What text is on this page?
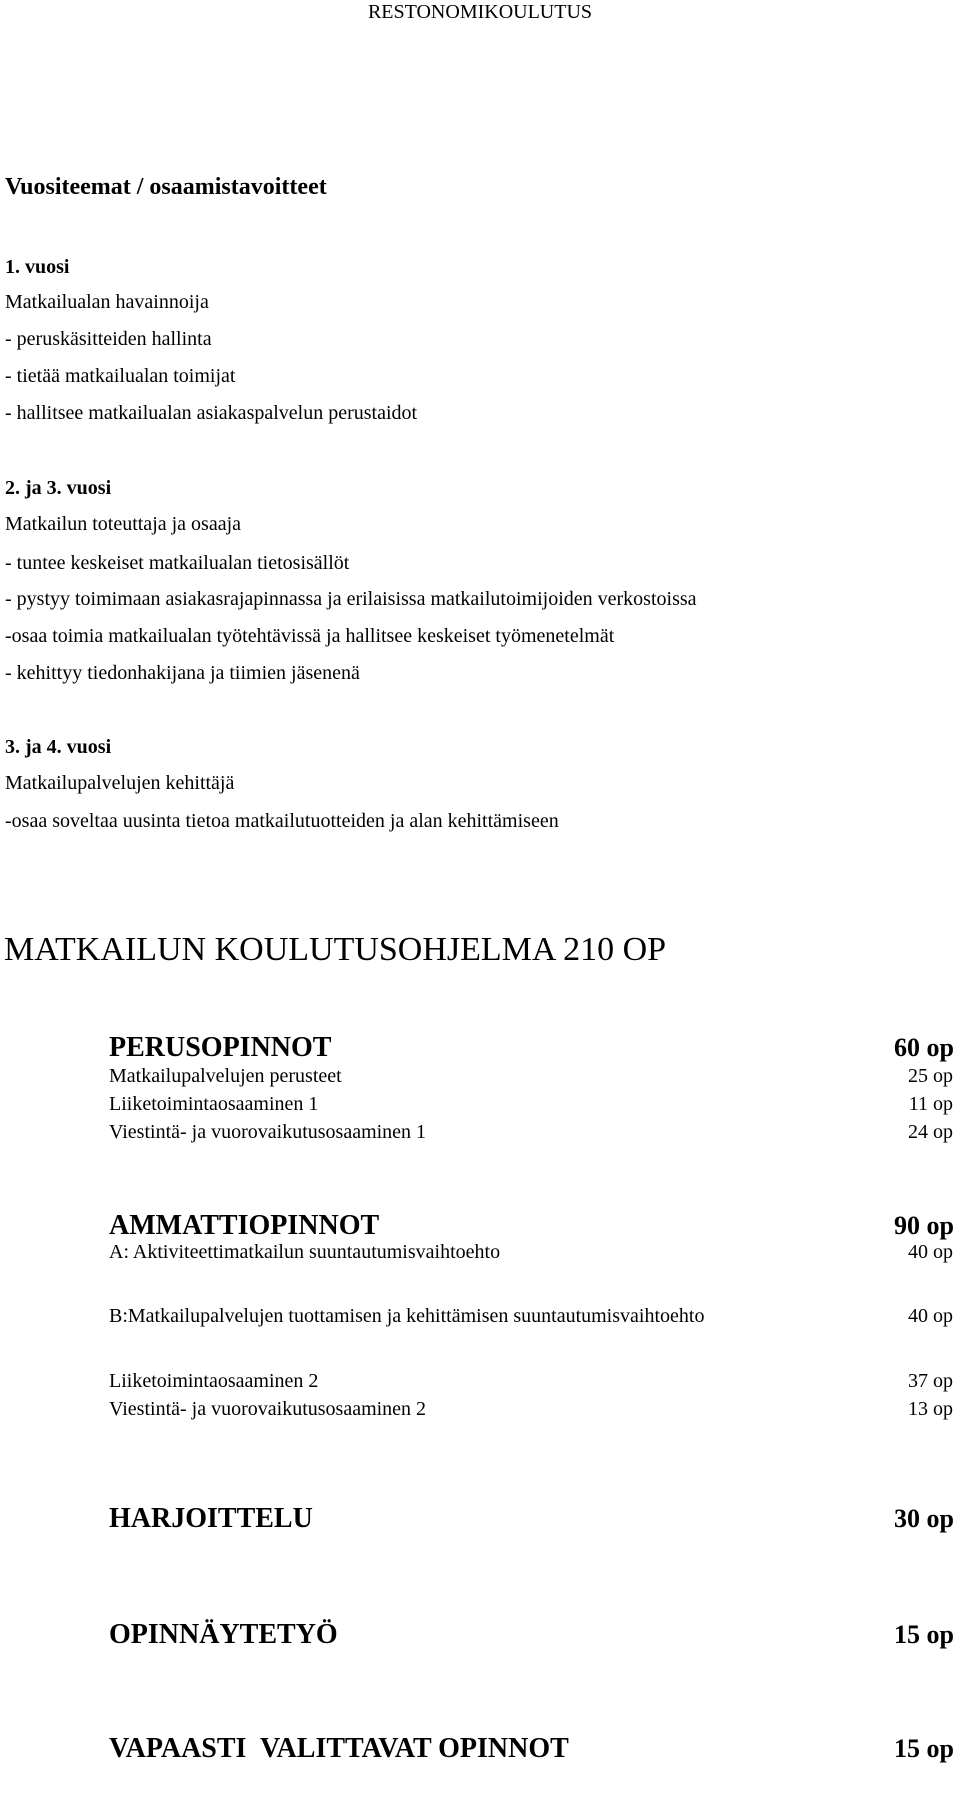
RESTONOMIKOULUTUS
Vuositeemat / osaamistavoitteet
1. vuosi
Matkailualan havainnoija
- peruskäsitteiden hallinta
- tietää matkailualan toimijat
- hallitsee matkailualan asiakaspalvelun perustaidot
2. ja 3. vuosi
Matkailun toteuttaja ja osaaja
- tuntee keskeiset matkailualan tietosisällöt
- pystyy toimimaan asiakasrajapinnassa ja erilaisissa matkailutoimijoiden verkostoissa
-osaa toimia matkailualan työtehtävissä ja hallitsee keskeiset työmenetelmät
- kehittyy tiedonhakijana ja tiimien jäsenenä
3. ja 4. vuosi
Matkailupalvelujen kehittäjä
-osaa soveltaa uusinta tietoa matkailutuotteiden ja alan kehittämiseen
MATKAILUN KOULUTUSOHJELMA 210 OP
PERUSOPINNOT	60 op
Matkailupalvelujen perusteet	25 op
Liiketoimintaosaaminen 1	11 op
Viestintä- ja vuorovaikutusosaaminen 1	24 op
AMMATTIOPINNOT	90 op
A: Aktiviteettimatkailun suuntautumisvaihtoehto	40 op
B:Matkailupalvelujen tuottamisen ja kehittämisen suuntautumisvaihtoehto	40 op
Liiketoimintaosaaminen 2	37 op
Viestintä- ja vuorovaikutusosaaminen 2	13 op
HARJOITTELU	30 op
OPINNÄYTETYÖ	15 op
VAPAASTI  VALITTAVAT OPINNOT	15 op
